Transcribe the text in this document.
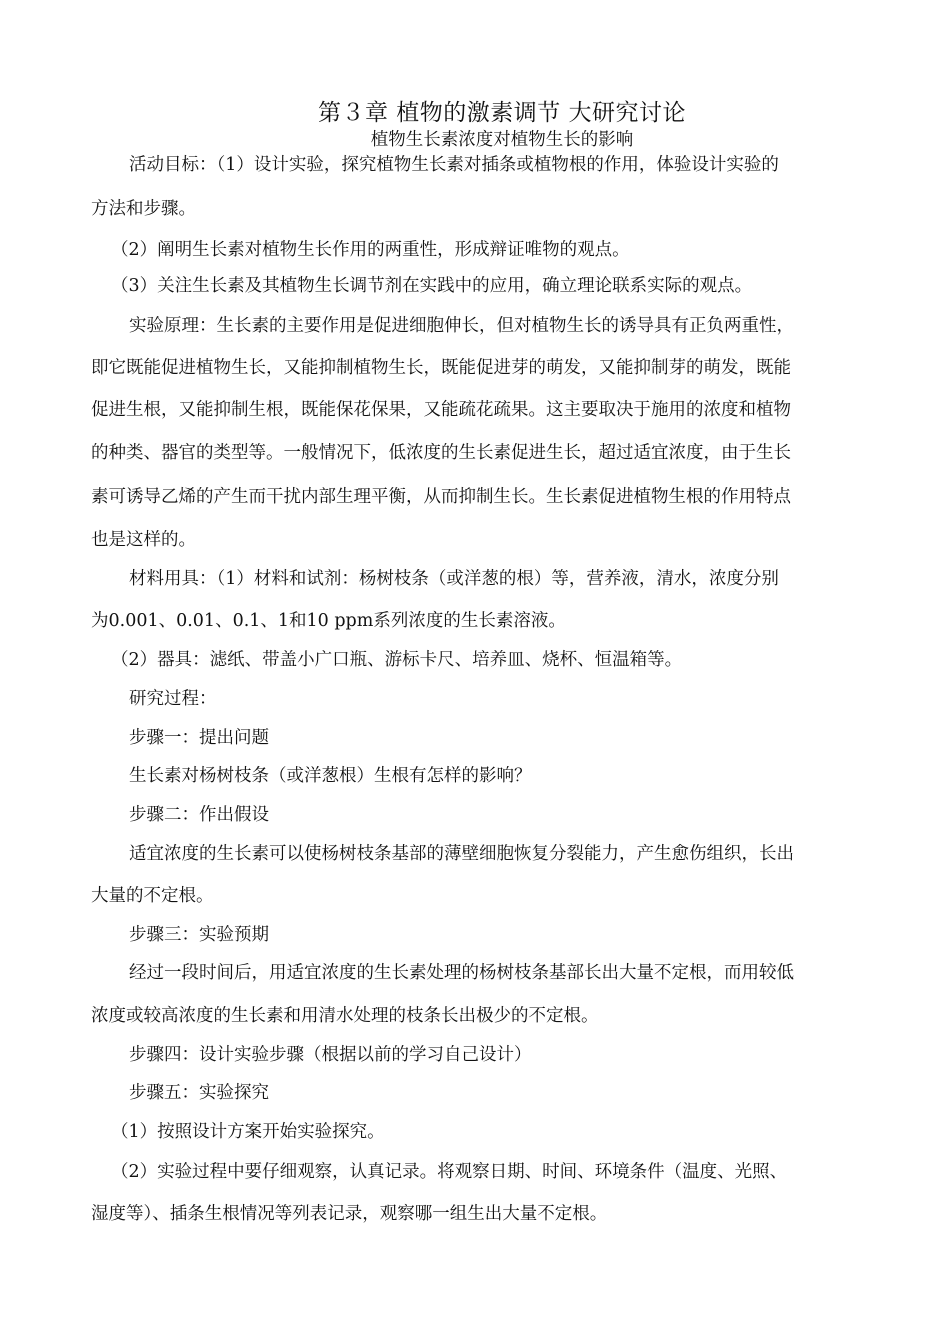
第３章 植物的激素调节 大研究讨论
植物生长素浓度对植物生长的影响
活动目标：（1）设计实验，探究植物生长素对插条或植物根的作用，体验设计实验的
方法和步骤。
（2）阐明生长素对植物生长作用的两重性，形成辩证唯物的观点。
（3）关注生长素及其植物生长调节剂在实践中的应用，确立理论联系实际的观点。
实验原理：生长素的主要作用是促进细胞伸长，但对植物生长的诱导具有正负两重性，
即它既能促进植物生长，又能抑制植物生长，既能促进芽的萌发，又能抑制芽的萌发，既能
促进生根，又能抑制生根，既能保花保果，又能疏花疏果。这主要取决于施用的浓度和植物
的种类、器官的类型等。一般情况下，低浓度的生长素促进生长，超过适宜浓度，由于生长
素可诱导乙烯的产生而干扰内部生理平衡，从而抑制生长。生长素促进植物生根的作用特点
也是这样的。
材料用具：（1）材料和试剂：杨树枝条（或洋葱的根）等，营养液，清水，浓度分别
为0.001、0.01、0.1、1和10 ppm系列浓度的生长素溶液。
（2）器具：滤纸、带盖小广口瓶、游标卡尺、培养皿、烧杯、恒温箱等。
研究过程：
步骤一：提出问题
生长素对杨树枝条（或洋葱根）生根有怎样的影响？
步骤二：作出假设
适宜浓度的生长素可以使杨树枝条基部的薄壁细胞恢复分裂能力，产生愈伤组织，长出
大量的不定根。
步骤三：实验预期
经过一段时间后，用适宜浓度的生长素处理的杨树枝条基部长出大量不定根，而用较低
浓度或较高浓度的生长素和用清水处理的枝条长出极少的不定根。
步骤四：设计实验步骤（根据以前的学习自己设计）
步骤五：实验探究
（1）按照设计方案开始实验探究。
（2）实验过程中要仔细观察，认真记录。将观察日期、时间、环境条件（温度、光照、
湿度等）、插条生根情况等列表记录，观察哪一组生出大量不定根。
